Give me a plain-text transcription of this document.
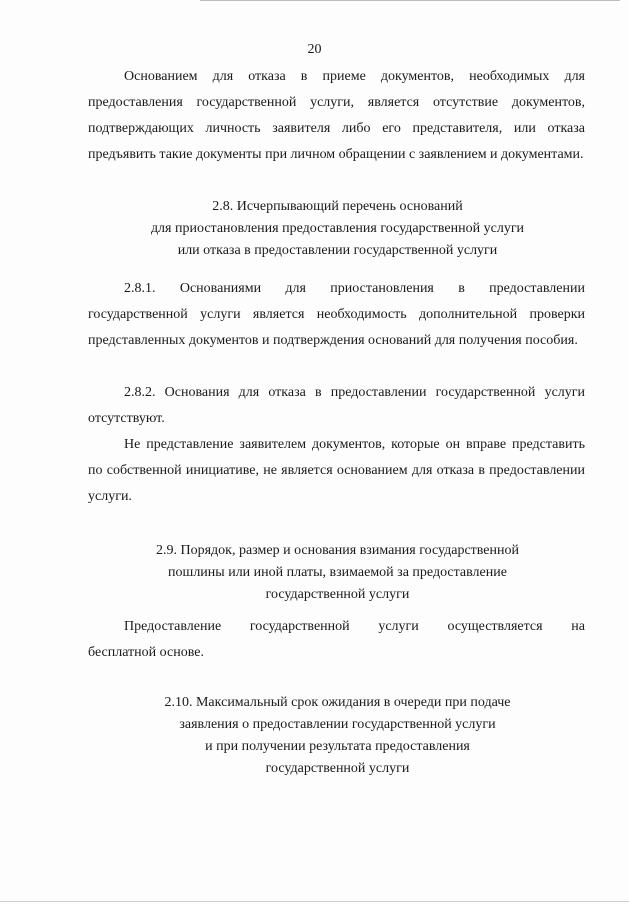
20

Основанием для отказа в приеме документов, необходимых для предоставления государственной услуги, является отсутствие документов, подтверждающих личность заявителя либо его представителя, или отказа предъявить такие документы при личном обращении с заявлением и документами.

2.8. Исчерпывающий перечень оснований
для приостановления предоставления государственной услуги
или отказа в предоставлении государственной услуги
2.8.1. Основаниями для приостановления в предоставлении
государственной услуги является необходимость дополнительной проверки представленных документов и подтверждения оснований для получения пособия.

2.8.2. Основания для отказа в предоставлении государственной услуги отсутствуют.

Не представление заявителем документов, которые он вправе представить по собственной инициативе, не является основанием для отказа в предоставлении услуги.

2.9. Порядок, размер и основания взимания государственной
пошлины или иной платы, взимаемой за предоставление
государственной услуги
Предоставление государственной услуги осуществляется на
бесплатной основе.
2.10. Максимальный срок ожидания в очереди при подаче
заявления о предоставлении государственной услуги
и при получении результата предоставления
государственной услуги
